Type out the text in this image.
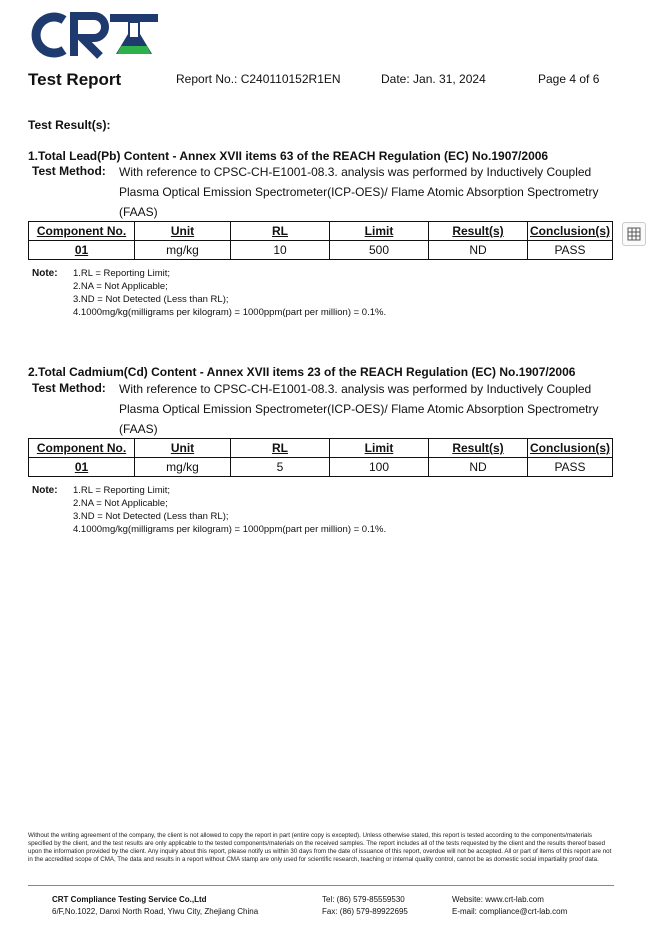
Test Report	Report No.: C240110152R1EN	Date: Jan. 31, 2024	Page 4 of 6
Test Result(s):
1.Total Lead(Pb) Content - Annex XVII items 63 of the REACH Regulation (EC) No.1907/2006
Test Method: With reference to CPSC-CH-E1001-08.3. analysis was performed by Inductively Coupled
Plasma Optical Emission Spectrometer(ICP-OES)/ Flame Atomic Absorption Spectrometry
(FAAS)
Component No.	Unit	RL	Limit	Result(s)	Conclusion(s)
01	mg/kg	10	500	ND	PASS
Note: 1.RL = Reporting Limit;
2.NA = Not Applicable;
3.ND = Not Detected (Less than RL);
4.1000mg/kg(milligrams per kilogram) = 1000ppm(part per million) = 0.1%.
2.Total Cadmium(Cd) Content - Annex XVII items 23 of the REACH Regulation (EC) No.1907/2006
Test Method: With reference to CPSC-CH-E1001-08.3. analysis was performed by Inductively Coupled
Plasma Optical Emission Spectrometer(ICP-OES)/ Flame Atomic Absorption Spectrometry
(FAAS)
Component No.	Unit	RL	Limit	Result(s)	Conclusion(s)
01	mg/kg	5	100	ND	PASS
Note: 1.RL = Reporting Limit;
2.NA = Not Applicable;
3.ND = Not Detected (Less than RL);
4.1000mg/kg(milligrams per kilogram) = 1000ppm(part per million) = 0.1%.
Without the writing agreement of the company, the client is not allowed to copy the report in part (entire copy is excepted). Unless otherwise stated, this report is tested according to the components/materials specified by the client, and the test results are only applicable to the tested components/materials on the received samples. The report includes all of the tests requested by the client and the results thereof based upon the information provided by the client. Any inquiry about this report, please notify us within 30 days from the date of issuance of this report, overdue will not be accepted. All or part of items of this report are not in the accredited scope of CMA, The data and results in a report without CMA stamp are only used for scientific research, teaching or internal quality control, cannot be as domestic social impartiality proof data.
CRT Compliance Testing Service Co.,Ltd
6/F,No.1022, Danxi North Road, Yiwu City, Zhejiang China
Tel: (86) 579-85559530
Fax: (86) 579-89922695
Website: www.crt-lab.com
E-mail: compliance@crt-lab.com
